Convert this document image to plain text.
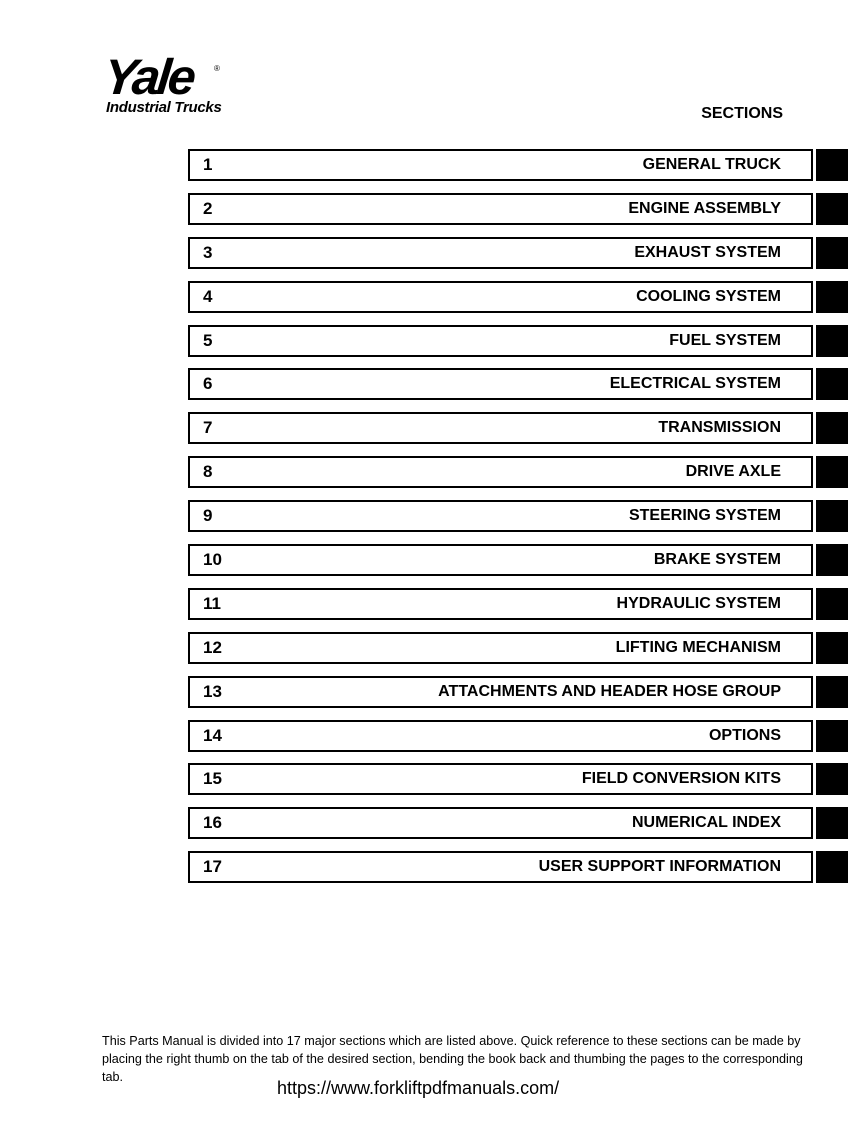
Yale ®
Industrial Trucks	SECTIONS
1	GENERAL TRUCK
2	ENGINE ASSEMBLY
3	EXHAUST SYSTEM
4	COOLING SYSTEM
5	FUEL SYSTEM
6	ELECTRICAL SYSTEM
7	TRANSMISSION
8	DRIVE AXLE
9	STEERING SYSTEM
10	BRAKE SYSTEM
11	HYDRAULIC SYSTEM
12	LIFTING MECHANISM
13	ATTACHMENTS AND HEADER HOSE GROUP
14	OPTIONS
15	FIELD CONVERSION KITS
16	NUMERICAL INDEX
17	USER SUPPORT INFORMATION
This Parts Manual is divided into 17 major sections which are listed above. Quick reference to these sections can be made by placing the right thumb on the tab of the desired section, bending the book back and thumbing the pages to the corresponding tab.
https://www.forkliftpdfmanuals.com/
